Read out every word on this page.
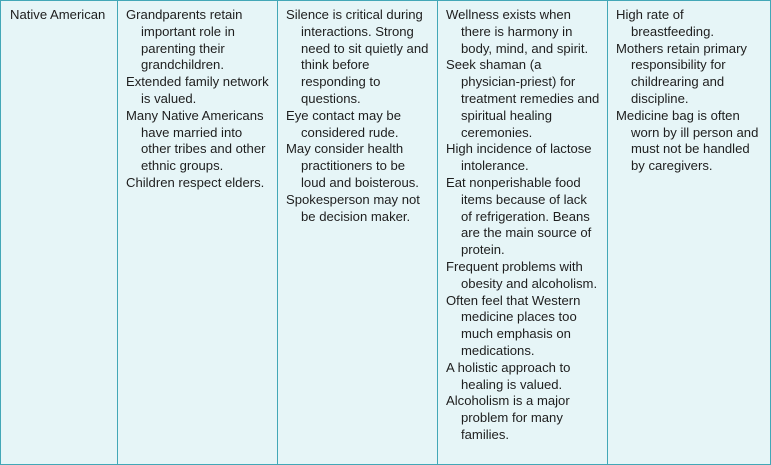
Native American	Grandparents retain important role in parenting their grandchildren.
Extended family network is valued.
Many Native Americans have married into other tribes and other ethnic groups.
Children respect elders.
Silence is critical during interactions. Strong need to sit quietly and think before responding to questions.
Eye contact may be considered rude.
May consider health practitioners to be loud and boisterous.
Spokesperson may not be decision maker.
Wellness exists when there is harmony in body, mind, and spirit.
Seek shaman (a physician-priest) for treatment remedies and spiritual healing ceremonies.
High incidence of lactose intolerance.
Eat nonperishable food items because of lack of refrigeration. Beans are the main source of protein.
Frequent problems with obesity and alcoholism.
Often feel that Western medicine places too much emphasis on medications.
A holistic approach to healing is valued.
Alcoholism is a major problem for many families.
High rate of breastfeeding.
Mothers retain primary responsibility for childrearing and discipline.
Medicine bag is often worn by ill person and must not be handled by caregivers.
